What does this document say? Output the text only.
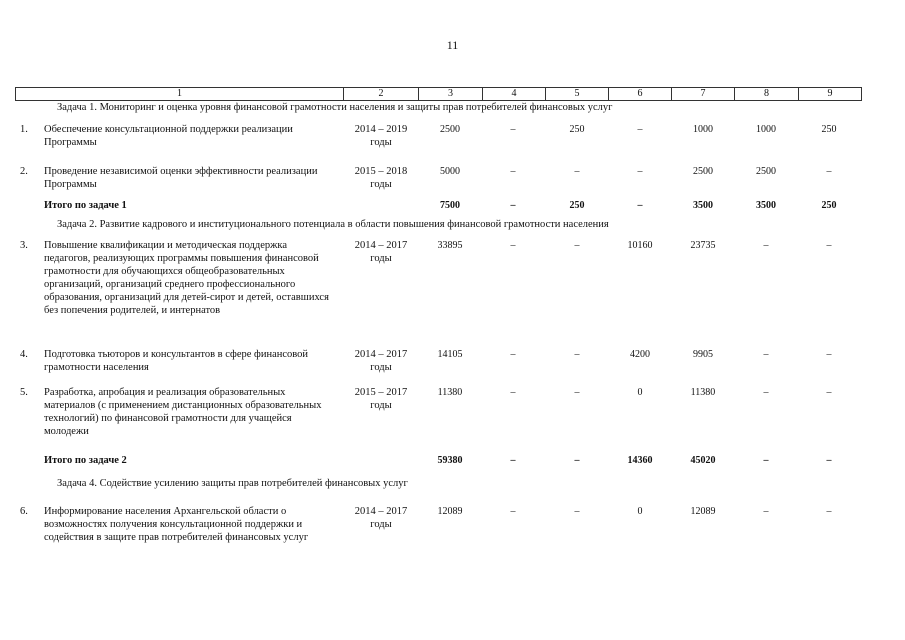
11
1	2	3	4	5	6	7	8	9
Задача 1. Мониторинг и оценка уровня финансовой грамотности населения и защиты прав потребителей финансовых услуг
1. Обеспечение консультационной поддержки реализации Программы
2014 – 2019 годы
2500	–	250	–	1000	1000	250
2. Проведение независимой оценки эффективности реализации Программы
2015 – 2018 годы
5000	–	–	–	2500	2500	–
Итого по задаче 1	7500	–	250	–	3500	3500	250
Задача 2. Развитие кадрового и институционального потенциала в области повышения финансовой грамотности населения
3. Повышение квалификации и методическая поддержка педагогов, реализующих программы повышения финансовой грамотности для обучающихся общеобразовательных организаций, организаций среднего профессионального образования, организаций для детей-сирот и детей, оставшихся без попечения родителей, и интернатов
2014 – 2017 годы
33895	–	–	10160	23735	–	–
4. Подготовка тьюторов и консультантов в сфере финансовой грамотности населения
2014 – 2017 годы
14105	–	–	4200	9905	–	–
5. Разработка, апробация и реализация образовательных материалов (с применением дистанционных образовательных технологий) по финансовой грамотности для учащейся молодежи
2015 – 2017 годы
11380	–	–	0	11380	–	–
Итого по задаче 2	59380	–	–	14360	45020	–	–
Задача 4. Содействие усилению защиты прав потребителей финансовых услуг
6. Информирование населения Архангельской области о возможностях получения консультационной поддержки и содействия в защите прав потребителей финансовых услуг
2014 – 2017 годы
12089	–	–	0	12089	–	–
